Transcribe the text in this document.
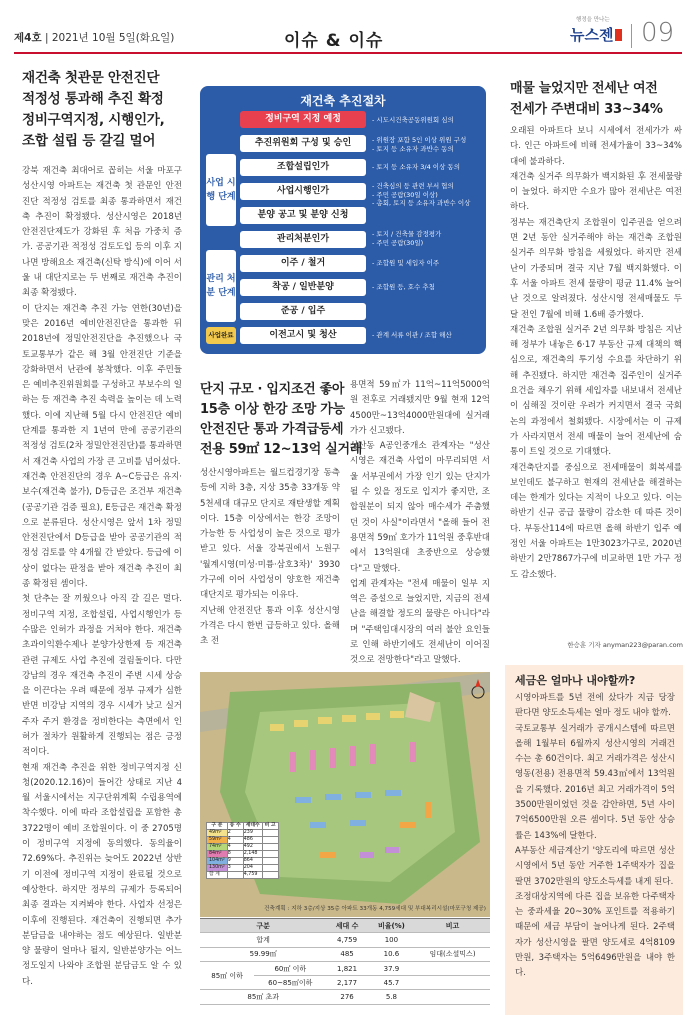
제4호 | 2021년 10월 5일(화요일)	이슈 & 이슈
행정을 만나는
뉴스젠	09
재건축 첫관문 안전진단
적정성 통과해 추진 확정
정비구역지정, 시행인가,
조합 설립 등 갈길 멀어

강북 재건축 최대어로 꼽히는 서울 마포구 성산시영 아파트는 재건축 첫 관문인 안전진단 적정성 검토를 최종 통과하면서 재건축 추진이 확정됐다. 성산시영은 2018년 안전진단제도가 강화된 후 처음 가중치 증가. 공공기관 적정성 검토도입 등의 이후 지나면 방해요소 재건축(신탁 방식)에 이어 서울 내 대단지로는 두 번째로 재건축 추진이 최종 확정됐다.

이 단지는 재건축 추진 가능 연한(30년)을 맞은 2016년 예비안전진단을 통과한 뒤 2018년에 정밀안전진단을 추진했으나 국토교통부가 같은 해 3월 안전진단 기준을 강화하면서 난관에 봉착했다. 이후 주민들은 예비추진위원회를 구성하고 부보수의 일하는 등 재건축 추진 속력을 높이는 데 노력했다. 이에 지난해 5월 다시 안전진단 예비 단계를 통과한 지 1년여 만에 공공기관의 적정성 검토(2차 정밀안전진단)를 통과하면서 재건축 사업의 가장 큰 고비를 넘어섰다.

재건축 안전진단의 경우 A~C등급은 유지·보수(재건축 불가), D등급은 조건부 재건축(공공기관 검증 필요), E등급은 재건축 확정으로 분류된다. 성산시영은 앞서 1차 정밀안전진단에서 D등급을 받아 공공기관의 적정성 검토를 약 4개월 간 받았다. 등급에 이상이 없다는 판정을 받아 재건축 추진이 최종 확정된 셈이다.

첫 단추는 잘 끼웠으나 아직 갈 길은 멀다. 정비구역 지정, 조합설립, 사업시행인가 등 수많은 인허가 과정을 거쳐야 한다. 재건축초과이익환수제나 분양가상한제 등 재건축 관련 규제도 사업 추진에 걸림돌이다. 다만 강남의 경우 재건축 추진이 주변 시세 상승을 이끈다는 우려 때문에 정부 규제가 심한 반면 비강남 지역의 경우 시세가 낮고 실거주자 주거 환경을 정비한다는 측면에서 인허가 절차가 원활하게 진행되는 점은 긍정적이다.

현재 재건축 추진을 위한 정비구역지정 신청(2020.12.16)이 들어간 상태로 지난 4월 서울시에서는 지구단위계획 수립용역에 착수했다. 이에 따라 조합설립을 포함한 총 3722명이 예비 조합원이다. 이 중 2705명이 정비구역 지정에 동의했다. 동의율이 72.69%다. 추진위는 늦어도 2022년 상반기 이전에 정비구역 지정이 완료될 것으로 예상한다. 하지만 정부의 규제가 등록되어 최종 결과는 지켜봐야 한다. 사업자 선정은 이후에 진행된다. 재건축이 진행되면 추가 분담금을 내야하는 점도 예상된다. 일반분양 물량이 얼마나 될지, 일반분양가는 어느 정도일지 나와야 조합원 분담금도 알 수 있다.

재건축 추진절차
정비구역 지정 예정
추진위원회 구성 및 승인
조합설립인가
사업시행인가
분양 공고 및 분양 신청
관리처분인가
이주 / 철거
착공 / 일반분양
준공 / 입주
이전고시 및 청산
사업 시행 단계
관리 처분 단계
사업완료
- 시도시건축공동위원회 심의
- 위원장 포함 5인 이상 위원 구성
- 토지 등 소유자 과반수 동의
- 토지 등 소유자 3/4 이상 동의
- 건축심의 등 관련 부서 협의
- 주민 공람(30일 이상)
- 총회, 토지 등 소유자 과반수 이상
- 토지 / 건축물 감정평가
- 주민 공람(30일)
- 조합원 및 세입자 이주
- 조합원 등, 호수 추첨
- 관계 서류 이관 / 조합 해산
단지 규모 · 입지조건 좋아
15층 이상 한강 조망 가능
안전진단 통과 가격급등세
전용 59㎡ 12~13억 실거래

성산시영아파트는 월드컵경기장 동측 등에 지하 3층, 지상 35층 33개동 약 5천세대 대규모 단지로 재탄생할 계획이다. 15층 이상에서는 한강 조망이 가능한 등 사업성이 높은 것으로 평가받고 있다. 서울 강북권에서 노원구 '월계시영(미성·미륭·삼호3차)' 3930가구에 이어 사업성이 양호한 재건축 대단지로 평가되는 이유다.

지난해 안전진단 통과 이후 성산시영 가격은 다시 한번 급등하고 있다. 올해 초 전

용면적 59㎡가 11억~11억5000억원 전후로 거래됐지만 9월 현재 12억4500만~13억4000만원대에 실거래가가 신고됐다.

성산동 A공인중개소 관계자는 "성산시영은 재건축 사업이 마무리되면 서울 서부권에서 가장 인기 있는 단지가 될 수 있을 정도로 입지가 좋지만, 조합원분이 되지 않아 매수세가 주춤했던 것이 사실"이라면서 "올해 들어 전용면적 59㎡ 호가가 11억원 중후반대에서 13억원대 초중반으로 상승했다"고 말했다.

업계 관계자는 "전세 매물이 일부 지역은 증설으로 늘었지만, 지금의 전세난을 해결할 정도의 물량은 아니다"라며 "주택임대시장의 여러 불안 요인들로 인해 하반기에도 전세난이 이어질 것으로 전망한다"라고 말했다.

구 분	동 수	세대수	비 고
49m²	2	239	
59m²	4	486	
74m²	4	492	
84m²	8	2,148	
104m²	9	864	
130m²	3	204	
합 계		4,759	
건축계획 : 지하 3층/지상 35층 아파트 33개동 4,759세대 및 부대복리시설(마포구청 제공)
구분		세대 수	비율(%)	비고
합계		4,759	100	
59.99㎡		485	10.6	임대(소셜믹스)
85㎡ 이하	60㎡ 이하	1,821	37.9	
	60~85㎡이하	2,177	45.7	
85㎡ 초과		276	5.8	
매물 늘었지만 전세난 여전
전세가 주변대비 33~34%

오래된 아파트다 보니 시세에서 전세가가 싸다. 인근 아파트에 비해 전세가율이 33~34%대에 불과하다.

재건축 실거주 의무화가 백지화된 후 전세물량이 늘었다. 하지만 수요가 많아 전세난은 여전하다.

정부는 재건축단지 조합원이 입주권을 얻으려면 2년 동안 실거주해야 하는 재건축 조합원 실거주 의무화 방침을 세웠었다. 하지만 전세난이 가중되며 결국 지난 7월 백지화했다. 이후 서울 아파트 전세 물량이 평균 11.4% 늘어난 것으로 알려졌다. 성산시영 전세매물도 두 달 전인 7월에 비해 1.6배 증가했다.

재건축 조합원 실거주 2년 의무화 방침은 지난해 정부가 내놓은 6·17 부동산 규제 대책의 핵심으로, 재건축의 투기성 수요를 차단하기 위해 추진됐다. 하지만 재건축 집주인이 실거주 요건을 채우기 위해 세입자를 내보내서 전세난이 심해질 것이란 우려가 커지면서 결국 국회 논의 과정에서 철회됐다. 시장에서는 이 규제가 사라지면서 전세 매물이 늘어 전세난에 숨통이 트일 것으로 기대했다.

재건축단지를 중심으로 전세매물이 회복세를 보인데도 불구하고 현재의 전세난을 해결하는 데는 한계가 있다는 지적이 나오고 있다. 이는 하반기 신규 공급 물량이 감소한 데 따른 것이다. 부동산114에 따르면 올해 하반기 입주 예정인 서울 아파트는 1만3023가구로, 2020년 하반기 2만7867가구에 비교하면 1만 가구 정도 감소했다.

한승훈 기자 anyman223@paran.com
세금은 얼마나 내야할까?

시영아파트를 5년 전에 샀다가 지금 당장 판다면 양도소득세는 얼마 정도 내야 할까.

국토교통부 실거래가 공개시스템에 따르면 올해 1월부터 6월까지 성산시영의 거래건수는 총 60건이다. 최고 거래가격은 성산시영동(전용) 전용면적 59.43㎡에서 13억원을 기록했다. 2016년 최고 거래가격이 5억3500만원이었던 것을 감안하면, 5년 사이 7억6500만원 오른 셈이다. 5년 동안 상승률은 143%에 달한다.

A부동산 세금계산기 '양도리에 따르면 성산시영에서 5년 동안 거주한 1주택자가 집을 팔면 3702만원의 양도소득세를 내게 된다.

조정대상지역에 다른 집을 보유한 다주택자는 중과세율 20~30% 포인트를 적용하기 때문에 세금 부담이 늘어나게 된다. 2주택자가 성산시영을 팔면 양도세로 4억8109만원, 3주택자는 5억6496만원을 내야 한다.
